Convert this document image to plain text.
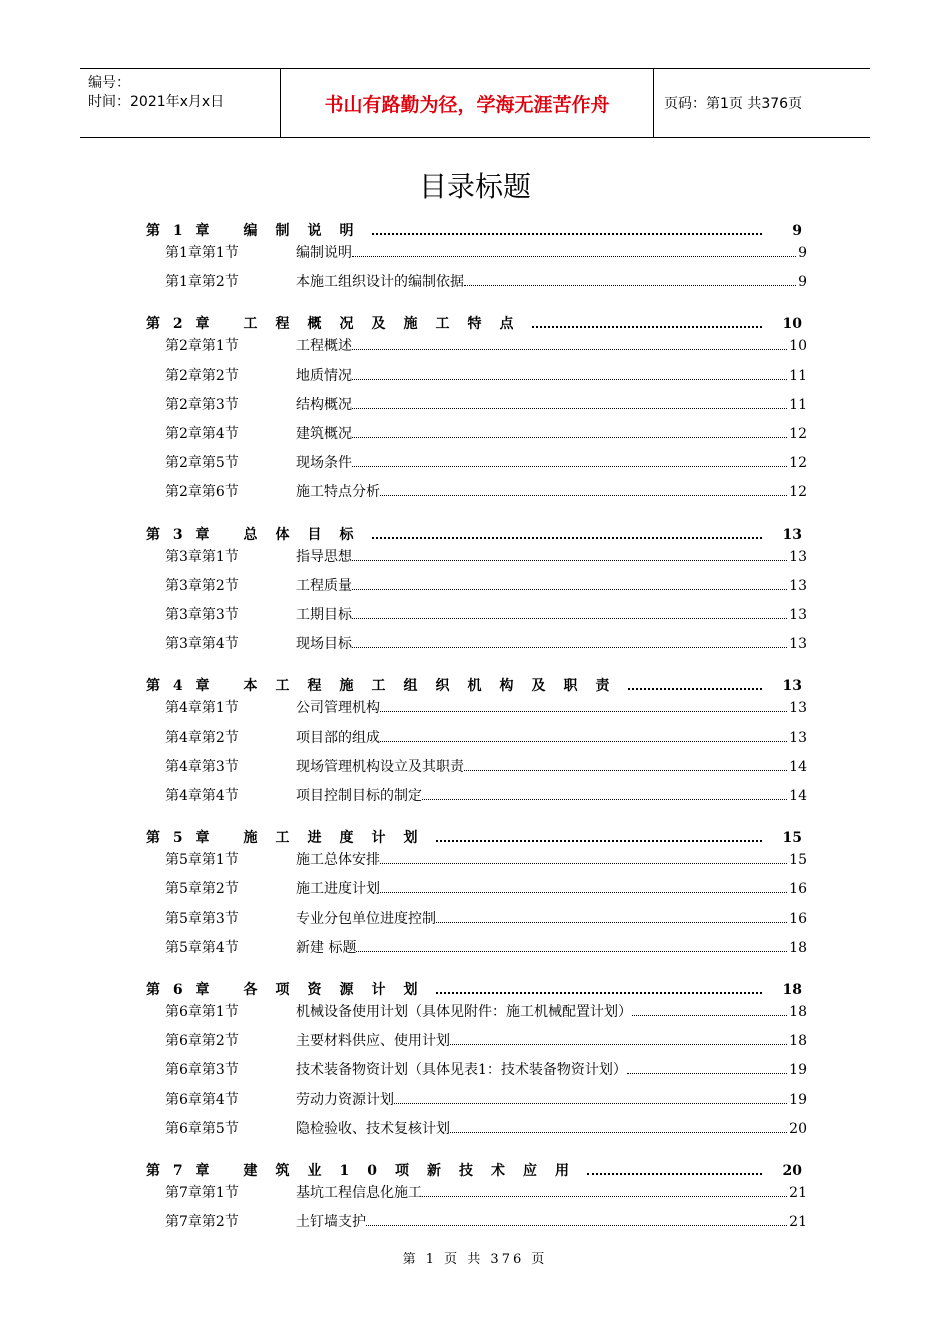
编号：
时间：2021年x月x日	书山有路勤为径，学海无涯苦作舟	页码：第1页 共376页
目录标题
第 1 章 编制说明	9
第1章第1节	编制说明	9
第1章第2节	本施工组织设计的编制依据	9
第 2 章 工程概况及施工特点	10
第2章第1节	工程概述	10
第2章第2节	地质情况	11
第2章第3节	结构概况	11
第2章第4节	建筑概况	12
第2章第5节	现场条件	12
第2章第6节	施工特点分析	12
第 3 章 总体目标	13
第3章第1节	指导思想	13
第3章第2节	工程质量	13
第3章第3节	工期目标	13
第3章第4节	现场目标	13
第 4 章 本工程施工组织机构及职责	13
第4章第1节	公司管理机构	13
第4章第2节	项目部的组成	13
第4章第3节	现场管理机构设立及其职责	14
第4章第4节	项目控制目标的制定	14
第 5 章 施工进度计划	15
第5章第1节	施工总体安排	15
第5章第2节	施工进度计划	16
第5章第3节	专业分包单位进度控制	16
第5章第4节	新建 标题	18
第 6 章 各项资源计划	18
第6章第1节	机械设备使用计划（具体见附件：施工机械配置计划）	18
第6章第2节	主要材料供应、使用计划	18
第6章第3节	技术装备物资计划（具体见表1：技术装备物资计划）	19
第6章第4节	劳动力资源计划	19
第6章第5节	隐检验收、技术复核计划	20
第 7 章 建筑业10项新技术应用	20
第7章第1节	基坑工程信息化施工	21
第7章第2节	土钉墙支护	21
第 1 页 共 376 页
